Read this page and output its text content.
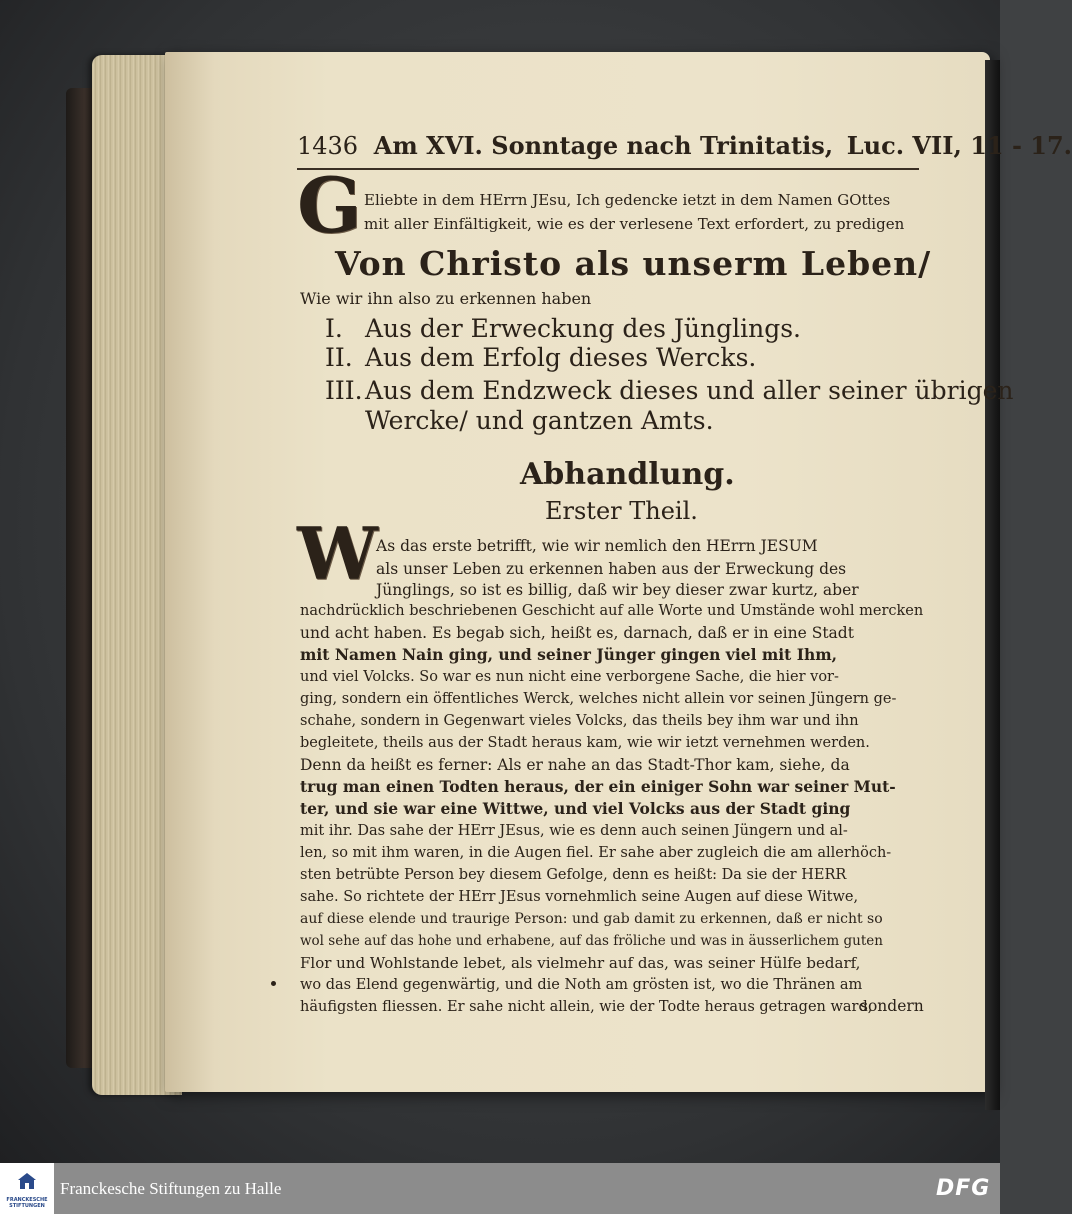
1436 Am XVI. Sonntage nach Trinitatis, Luc. VII, 11 - 17.
G Eliebte in dem HErrn JEsu, Ich gedencke ietzt in dem Namen GOttes
mit aller Einfältigkeit, wie es der verlesene Text erfordert, zu predigen
Von Christo als unserm Leben/
Wie wir ihn also zu erkennen haben
I. Aus der Erweckung des Jünglings.
II. Aus dem Erfolg dieses Wercks.
III.Aus dem Endzweck dieses und aller seiner übrigen
Wercke/ und gantzen Amts.
Abhandlung.
Erster Theil.
W
As das erste betrifft, wie wir nemlich den HErrn JESUM
als unser Leben zu erkennen haben aus der Erweckung des
Jünglings, so ist es billig, daß wir bey dieser zwar kurtz, aber
nachdrücklich beschriebenen Geschicht auf alle Worte und Umstände wohl mercken
und acht haben. Es begab sich, heißt es, darnach, daß er in eine Stadt
mit Namen Nain ging, und seiner Jünger gingen viel mit Ihm,
und viel Volcks. So war es nun nicht eine verborgene Sache, die hier vor-
ging, sondern ein öffentliches Werck, welches nicht allein vor seinen Jüngern ge-
schahe, sondern in Gegenwart vieles Volcks, das theils bey ihm war und ihn
begleitete, theils aus der Stadt heraus kam, wie wir ietzt vernehmen werden.
Denn da heißt es ferner: Als er nahe an das Stadt-Thor kam, siehe, da
trug man einen Todten heraus, der ein einiger Sohn war seiner Mut-
ter, und sie war eine Wittwe, und viel Volcks aus der Stadt ging
mit ihr. Das sahe der HErr JEsus, wie es denn auch seinen Jüngern und al-
len, so mit ihm waren, in die Augen fiel. Er sahe aber zugleich die am allerhöch-
sten betrübte Person bey diesem Gefolge, denn es heißt: Da sie der HERR
sahe. So richtete der HErr JEsus vornehmlich seine Augen auf diese Witwe,
auf diese elende und traurige Person: und gab damit zu erkennen, daß er nicht so
wol sehe auf das hohe und erhabene, auf das fröliche und was in äusserlichem guten
Flor und Wohlstande lebet, als vielmehr auf das, was seiner Hülfe bedarf,
wo das Elend gegenwärtig, und die Noth am grösten ist, wo die Thränen am
häufigsten fliessen. Er sahe nicht allein, wie der Todte heraus getragen ward,
sondern
FRANCKESCHE STIFTUNGEN
Franckesche Stiftungen zu Halle	DFG
